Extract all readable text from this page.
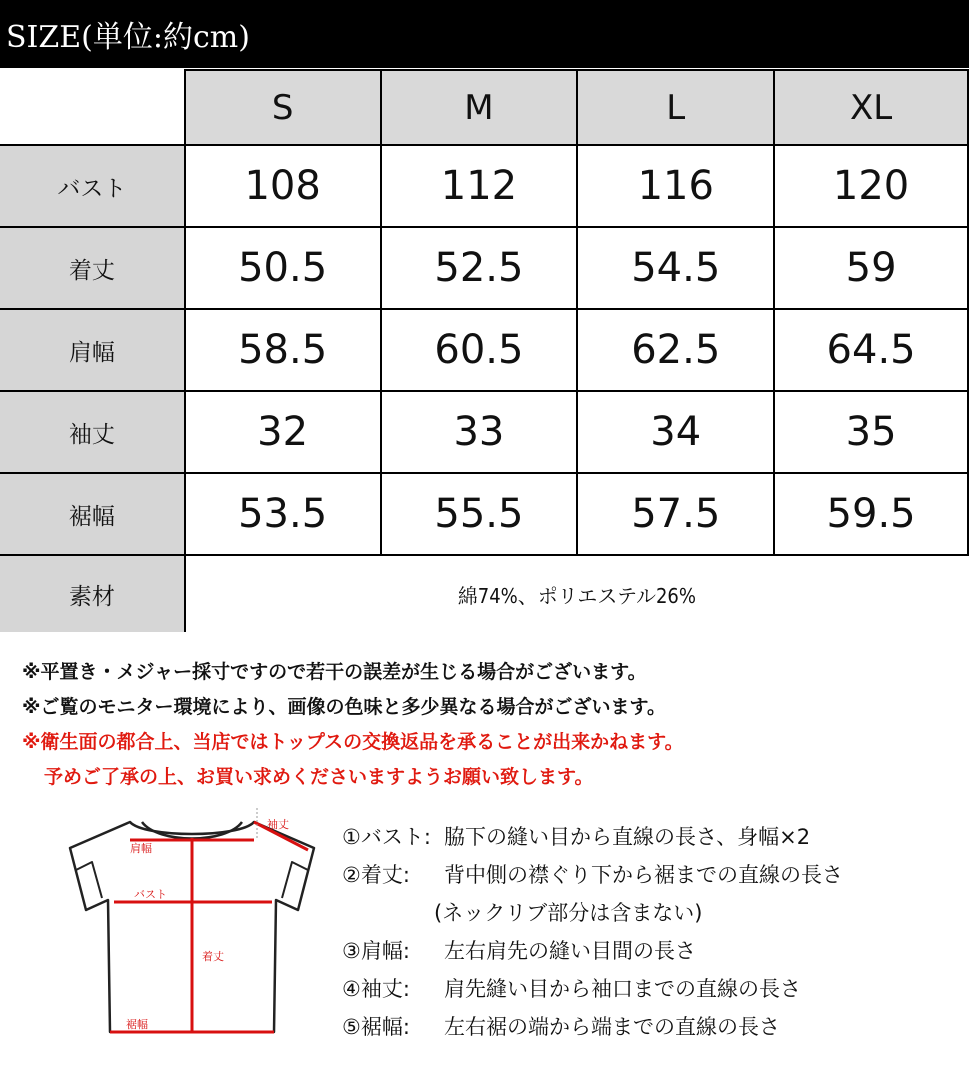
SIZE(単位:約cm)
	S	M	L	XL
バスト	108	112	116	120
着丈	50.5	52.5	54.5	59
肩幅	58.5	60.5	62.5	64.5
袖丈	32	33	34	35
裾幅	53.5	55.5	57.5	59.5
素材	綿74%、ポリエステル26%			
※平置き・メジャー採寸ですので若干の誤差が生じる場合がございます。
※ご覧のモニター環境により、画像の色味と多少異なる場合がございます。
※衛生面の都合上、当店ではトップスの交換返品を承ることが出来かねます。
予めご了承の上、お買い求めくださいますようお願い致します。
袖丈
肩幅
バスト
着丈
裾幅
①バスト: 脇下の縫い目から直線の長さ、身幅×2
②着丈:	背中側の襟ぐり下から裾までの直線の長さ
(ネックリブ部分は含まない)
③肩幅:	左右肩先の縫い目間の長さ
④袖丈:	肩先縫い目から袖口までの直線の長さ
⑤裾幅:	左右裾の端から端までの直線の長さ
